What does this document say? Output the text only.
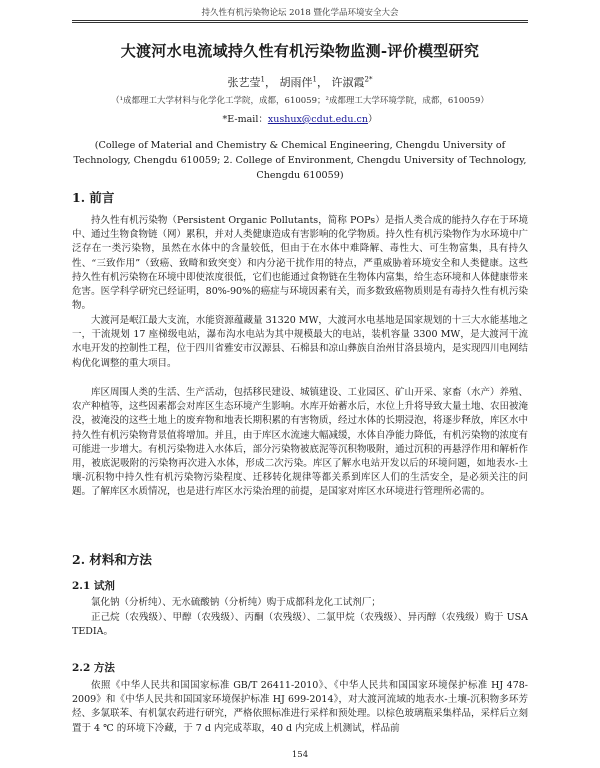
持久性有机污染物论坛 2018 暨化学品环境安全大会
大渡河水电流域持久性有机污染物监测-评价模型研究
张艺莹$^1$， 胡雨伴$^1$， 许淑霞$^{2*}$
（¹成都理工大学材料与化学化工学院，成都，610059；²成都理工大学环境学院，成都，610059）
*E-mail：xushux@cdut.edu.cn）
(College of Material and Chemistry & Chemical Engineering, Chengdu University of Technology, Chengdu 610059; 2. College of Environment, Chengdu University of Technology, Chengdu 610059)
1. 前言

持久性有机污染物（Persistent Organic Pollutants，简称 POPs）是指人类合成的能持久存在于环境中、通过生物食物链（网）累积，并对人类健康造成有害影响的化学物质。持久性有机污染物作为水环境中广泛存在一类污染物，虽然在水体中的含量较低，但由于在水体中难降解、毒性大、可生物富集，具有持久性、“三致作用”（致癌、致畸和致突变）和内分泌干扰作用的特点，严重威胁着环境安全和人类健康。这些持久性有机污染物在环境中即使浓度很低，它们也能通过食物链在生物体内富集，给生态环境和人体健康带来危害。医学科学研究已经证明，80%-90%的癌症与环境因素有关，而多数致癌物质则是有毒持久性有机污染物。

大渡河是岷江最大支流，水能资源蕴藏量 31320 MW，大渡河水电基地是国家规划的十三大水能基地之一，干流规划 17 座梯级电站，瀑布沟水电站为其中规模最大的电站，装机容量 3300 MW，是大渡河干流水电开发的控制性工程，位于四川省雅安市汉源县、石棉县和凉山彝族自治州甘洛县境内，是实现四川电网结构优化调整的重大项目。

库区周围人类的生活、生产活动，包括移民建设、城镇建设、工业园区、矿山开采、家畜（水产）养殖、农产种植等，这些因素都会对库区生态环境产生影响。水库开始蓄水后，水位上升将导致大量土地、农田被淹没，被淹没的这些土地上的废弃物和地表长期积累的有害物质，经过水体的长期浸泡，将逐步释放，库区水中持久性有机污染物背景值将增加。并且，由于库区水流速大幅减缓，水体自净能力降低，有机污染物的浓度有可能进一步增大。有机污染物进入水体后，部分污染物被底泥等沉积物吸附，通过沉积的再悬浮作用和解析作用，被底泥吸附的污染物再次进入水体，形成二次污染。库区了解水电站开发以后的环境问题，如地表水-土壤-沉积物中持久性有机污染物污染程度、迁移转化规律等都关系到库区人们的生活安全，是必须关注的问题。了解库区水质情况，也是进行库区水污染治理的前提，是国家对库区水环境进行管理所必需的。

2. 材料和方法
2.1 试剂

氯化钠（分析纯）、无水硫酸钠（分析纯）购于成都科龙化工试剂厂；

正己烷（农残级）、甲醇（农残级）、丙酮（农残级）、二氯甲烷（农残级）、异丙醇（农残级）购于 USA TEDIA。

2.2 方法

依照《中华人民共和国国家标准 GB/T 26411-2010》、《中华人民共和国国家环境保护标准 HJ 478-2009》和《中华人民共和国国家环境保护标准 HJ 699-2014》，对大渡河流域的地表水-土壤-沉积物多环芳烃、多氯联苯、有机氯农药进行研究，严格依照标准进行采样和预处理。以棕色玻璃瓶采集样品，采样后立刻置于 4 ℃ 的环境下冷藏，于 7 d 内完成萃取，40 d 内完成上机测试，样品前

154
